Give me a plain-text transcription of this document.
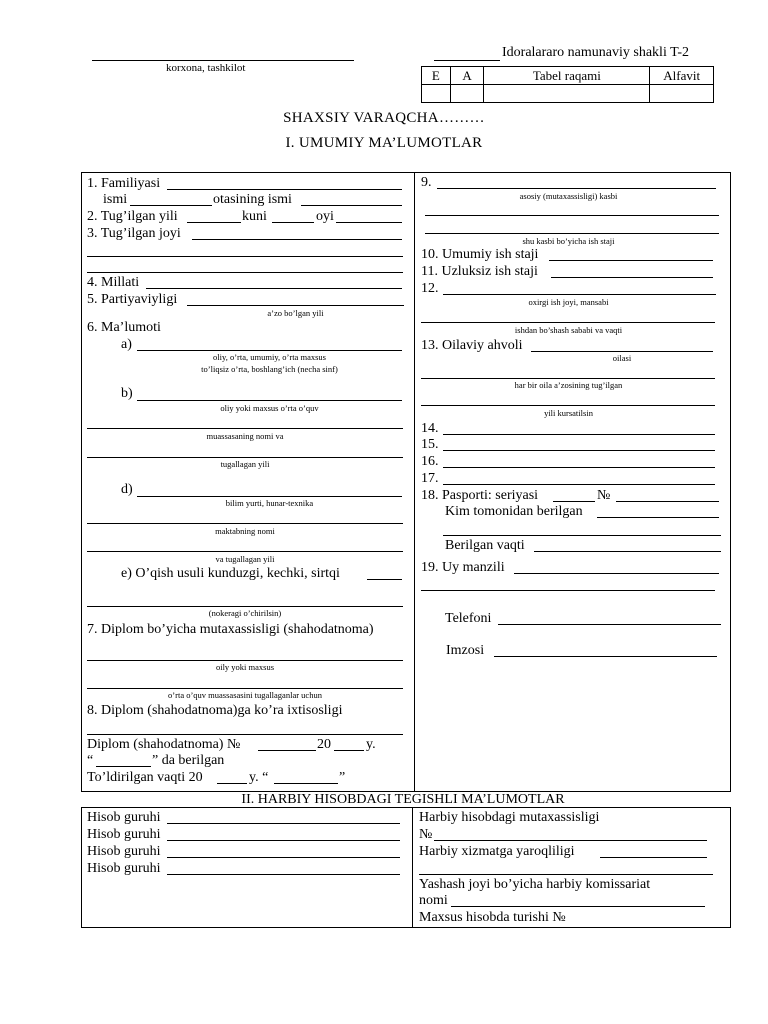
korxona, tashkilot
Idoralararo namunaviy shakli T-2
E	A	Tabel raqami	Alfavit

SHAXSIY VARAQCHA………
I. UMUMIY MA’LUMOTLAR
1. Familiyasi
ismi	otasining ismi
2. Tug’ilgan yili	kuni	oyi
3. Tug’ilgan joyi
4. Millati
5. Partiyaviyligi
a’zo bo’lgan yili
6. Ma’lumoti
a)
oliy, o’rta, umumiy, o’rta maxsus
to’liqsiz o’rta, boshlang’ich (necha sinf)
b)
oliy yoki maxsus o’rta o’quv
muassasaning nomi va
tugallagan yili
d)
bilim yurti, hunar-texnika
maktabning nomi
va tugallagan yili
e) O’qish usuli kunduzgi, kechki, sirtqi
(nokeragi o’chirilsin)
7. Diplom bo’yicha mutaxassisligi (shahodatnoma)
oily yoki maxsus
o’rta o’quv muassasasini tugallaganlar uchun
8. Diplom (shahodatnoma)ga ko’ra ixtisosligi
Diplom (shahodatnoma) №	20	y.
“	” da berilgan
To’ldirilgan vaqti 20	y. “	”
9.
asosiy (mutaxassisligi) kasbi
shu kasbi bo’yicha ish staji
10. Umumiy ish staji
11. Uzluksiz ish staji
12.
oxirgi ish joyi, mansabi
ishdan bo’shash sababi va vaqti
13. Oilaviy ahvoli
oilasi
har bir oila a’zosining tug’ilgan
yili kursatilsin
14.
15.
16.
17.
18. Pasporti: seriyasi	№
Kim tomonidan berilgan
Berilgan vaqti
19. Uy manzili
Telefoni
Imzosi
II. HARBIY HISOBDAGI TEGISHLI MA’LUMOTLAR
Hisob guruhi
Hisob guruhi
Hisob guruhi
Hisob guruhi
Harbiy hisobdagi mutaxassisligi
№
Harbiy xizmatga yaroqliligi
Yashash joyi bo’yicha harbiy komissariat
nomi
Maxsus hisobda turishi №
